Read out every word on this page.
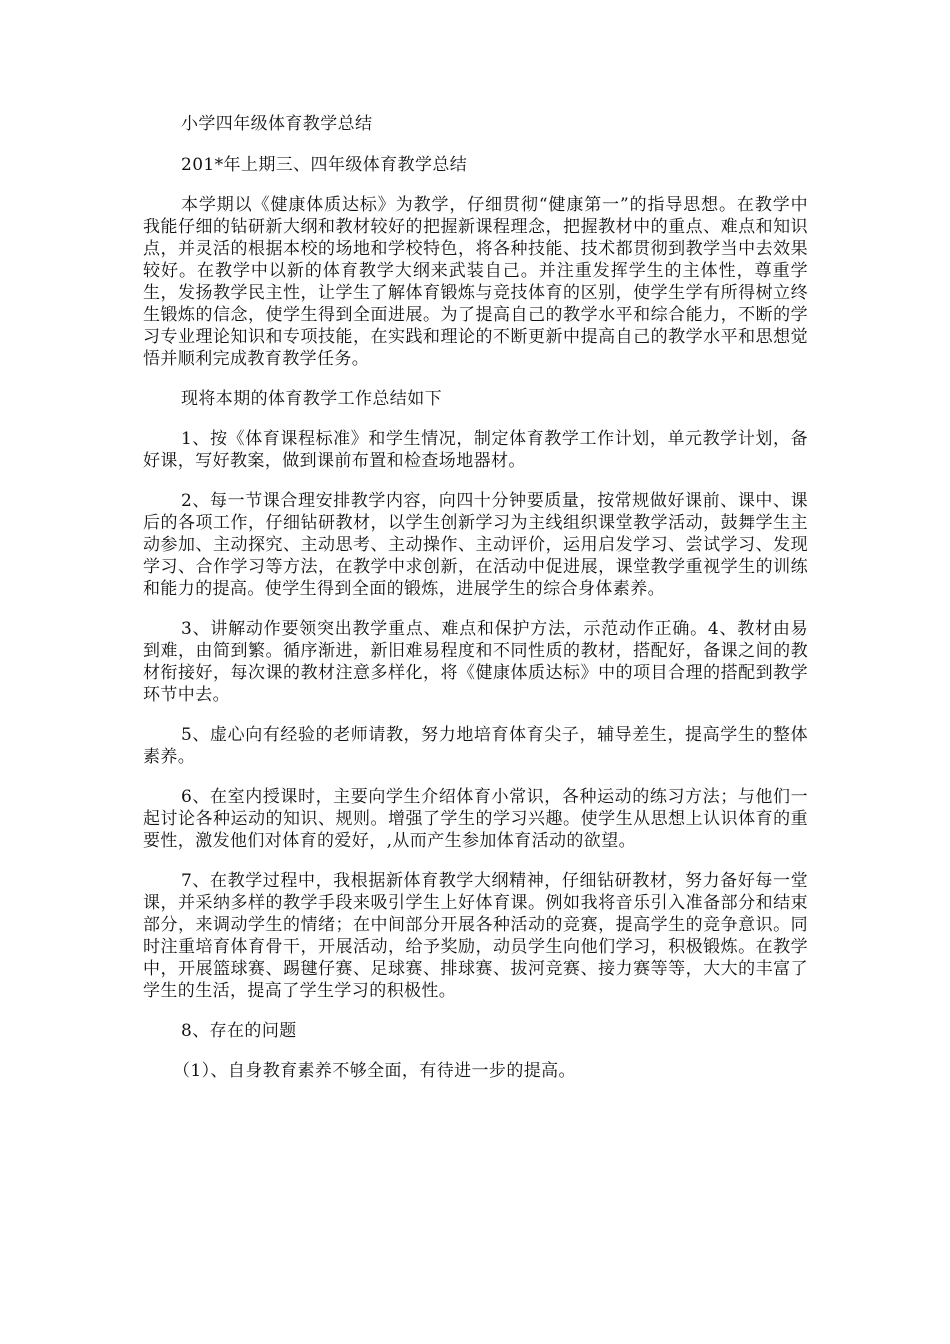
小学四年级体育教学总结

201*年上期三、四年级体育教学总结

本学期以《健康体质达标》为教学，仔细贯彻“健康第一”的指导思想。在教学中我能仔细的钻研新大纲和教材较好的把握新课程理念，把握教材中的重点、难点和知识点，并灵活的根据本校的场地和学校特色，将各种技能、技术都贯彻到教学当中去效果较好。在教学中以新的体育教学大纲来武装自己。并注重发挥学生的主体性，尊重学生，发扬教学民主性，让学生了解体育锻炼与竞技体育的区别，使学生学有所得树立终生锻炼的信念，使学生得到全面进展。为了提高自己的教学水平和综合能力，不断的学习专业理论知识和专项技能，在实践和理论的不断更新中提高自己的教学水平和思想觉悟并顺利完成教育教学任务。

现将本期的体育教学工作总结如下

1、按《体育课程标准》和学生情况，制定体育教学工作计划，单元教学计划，备好课，写好教案，做到课前布置和检查场地器材。

2、每一节课合理安排教学内容，向四十分钟要质量，按常规做好课前、课中、课后的各项工作，仔细钻研教材，以学生创新学习为主线组织课堂教学活动，鼓舞学生主动参加、主动探究、主动思考、主动操作、主动评价，运用启发学习、尝试学习、发现学习、合作学习等方法，在教学中求创新，在活动中促进展，课堂教学重视学生的训练和能力的提高。使学生得到全面的锻炼，进展学生的综合身体素养。

3、讲解动作要领突出教学重点、难点和保护方法，示范动作正确。4、教材由易到难，由简到繁。循序渐进，新旧难易程度和不同性质的教材，搭配好，备课之间的教材衔接好，每次课的教材注意多样化，将《健康体质达标》中的项目合理的搭配到教学环节中去。

5、虚心向有经验的老师请教，努力地培育体育尖子，辅导差生，提高学生的整体素养。

6、在室内授课时，主要向学生介绍体育小常识，各种运动的练习方法；与他们一起讨论各种运动的知识、规则。增强了学生的学习兴趣。使学生从思想上认识体育的重要性，激发他们对体育的爱好，,从而产生参加体育活动的欲望。

7、在教学过程中，我根据新体育教学大纲精神，仔细钻研教材，努力备好每一堂课，并采纳多样的教学手段来吸引学生上好体育课。例如我将音乐引入准备部分和结束部分，来调动学生的情绪；在中间部分开展各种活动的竞赛，提高学生的竞争意识。同时注重培育体育骨干，开展活动，给予奖励，动员学生向他们学习，积极锻炼。在教学中，开展篮球赛、踢毽仔赛、足球赛、排球赛、拔河竞赛、接力赛等等，大大的丰富了学生的生活，提高了学生学习的积极性。

8、存在的问题

（1）、自身教育素养不够全面，有待进一步的提高。
